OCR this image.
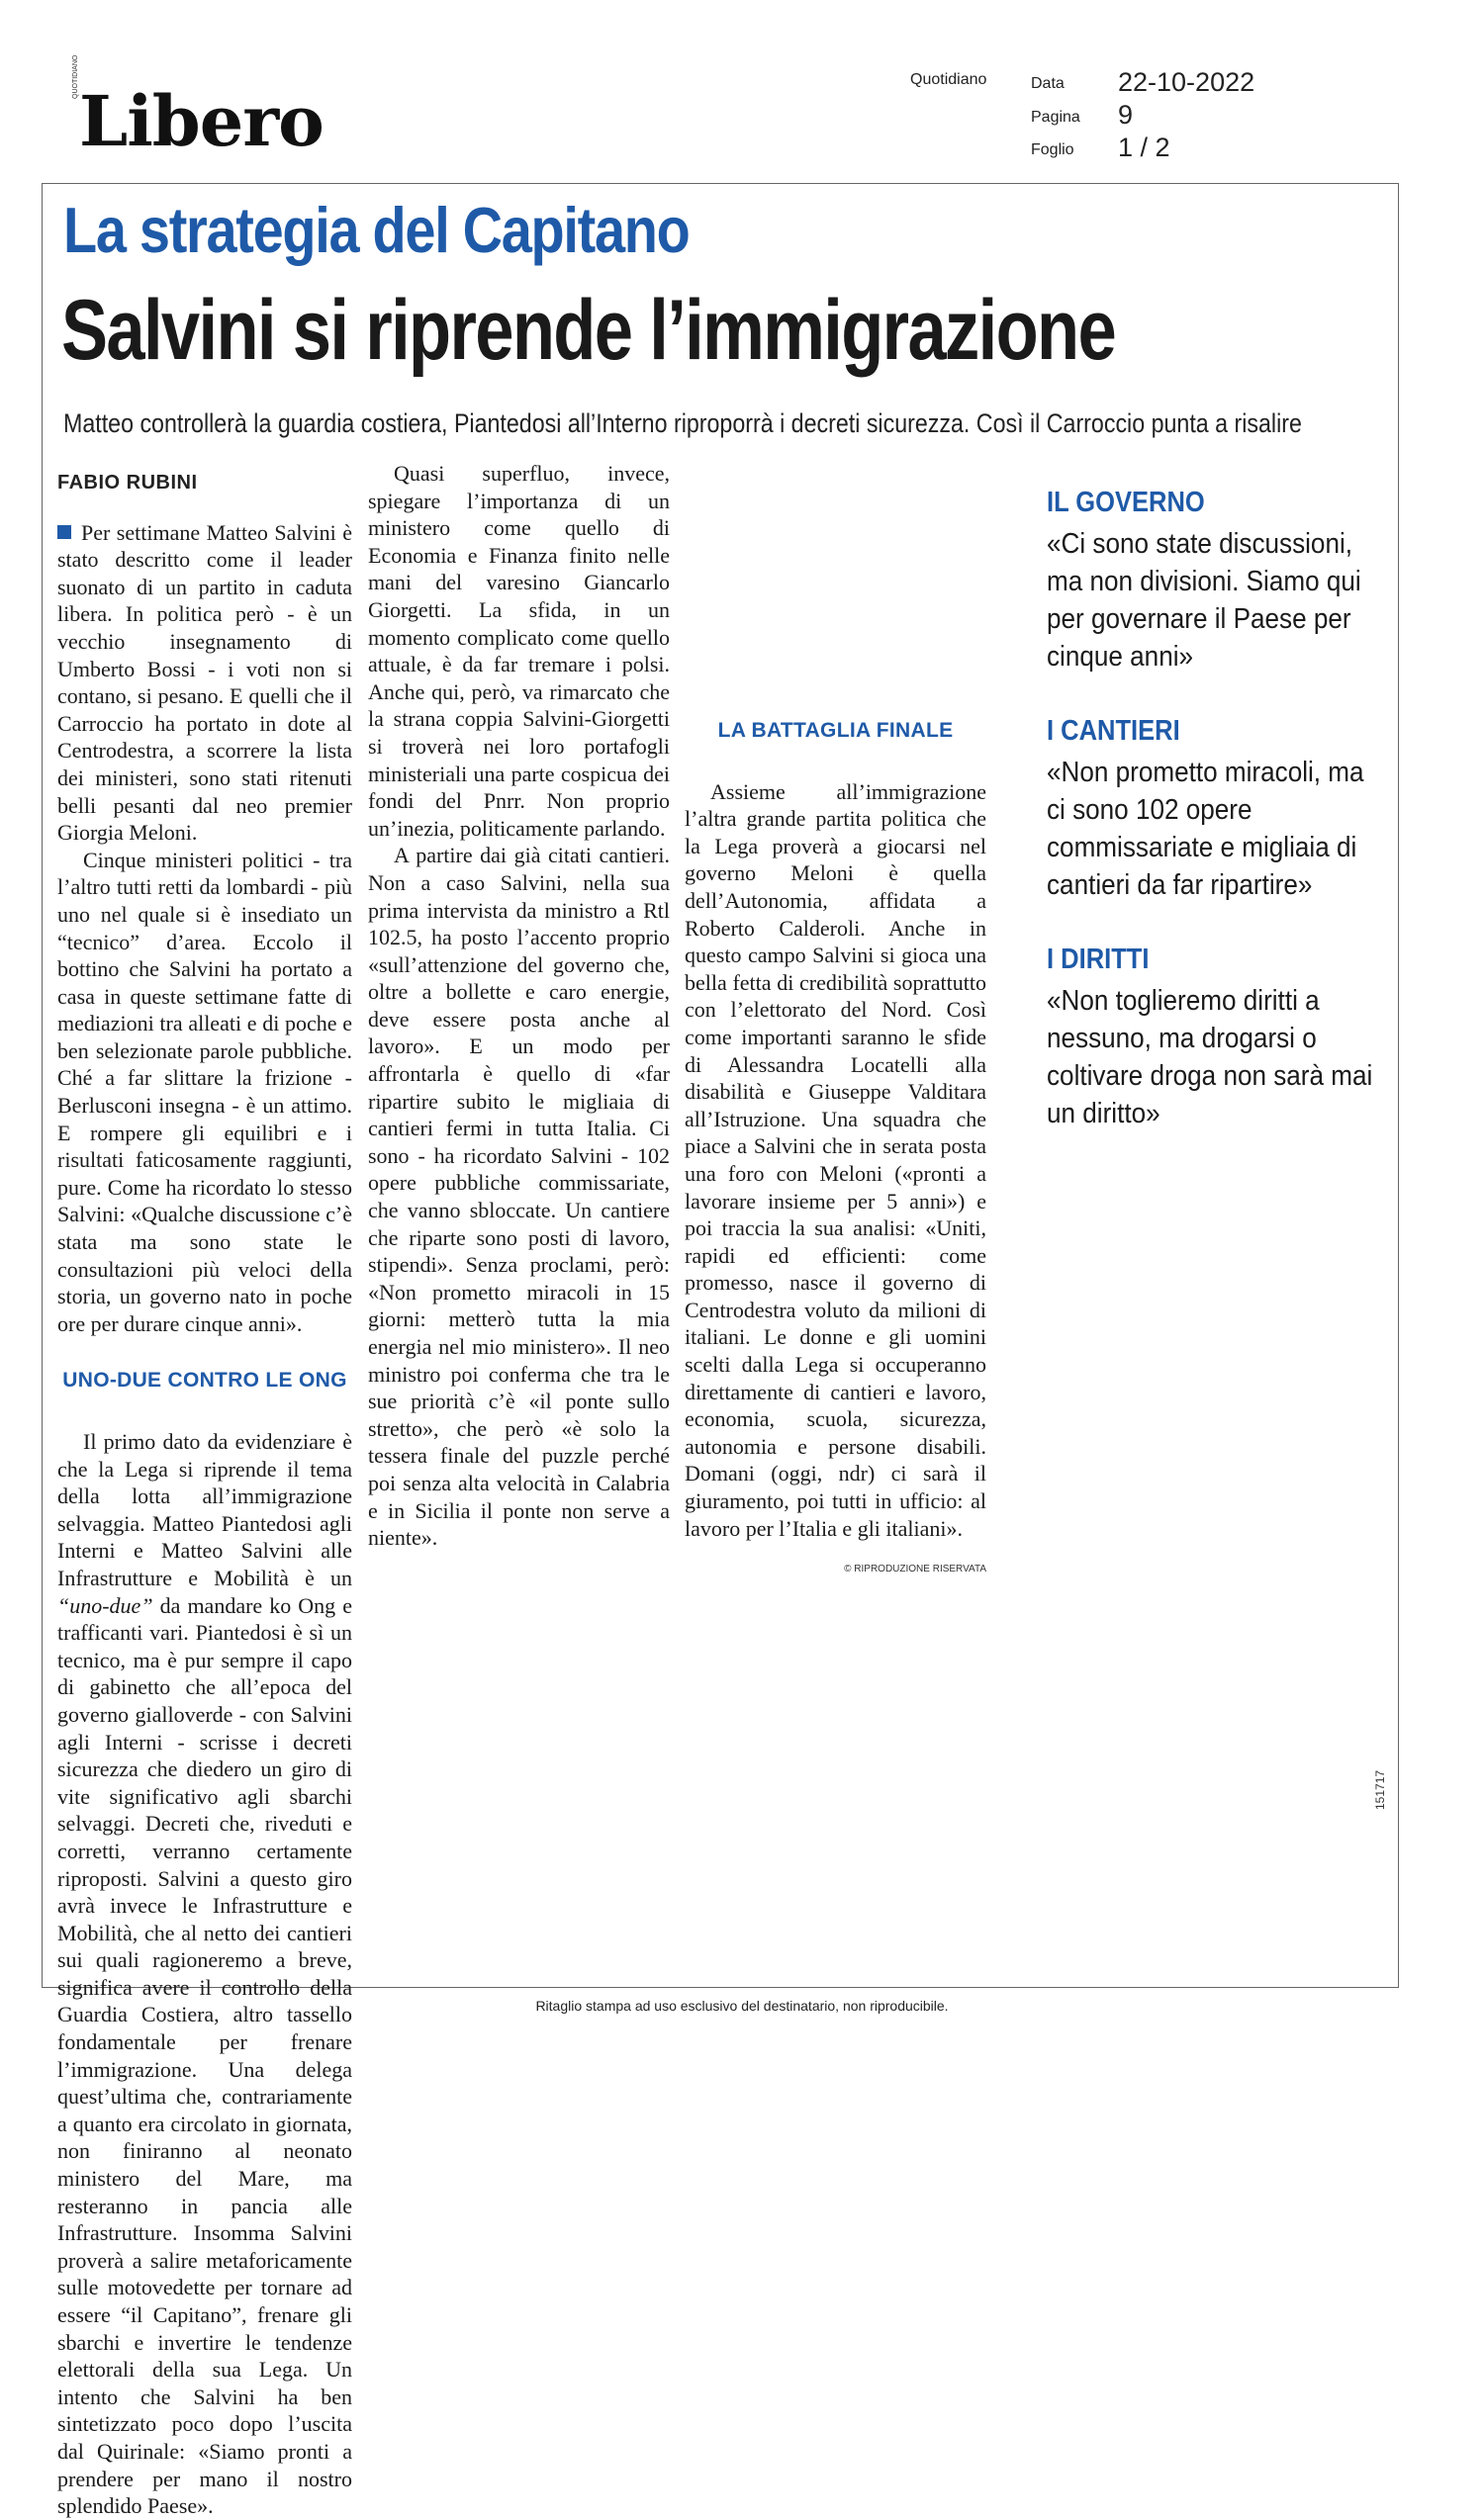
QUOTIDIANO
Libero
Quotidiano	Data 22-10-2022
Pagina 9
Foglio 1 / 2
La strategia del Capitano
Salvini si riprende l’immigrazione
Matteo controllerà la guardia costiera, Piantedosi all’Interno riproporrà i decreti sicurezza. Così il Carroccio punta a risalire
FABIO RUBINI

Per settimane Matteo Salvini è stato descritto come il leader suonato di un partito in caduta libera. In politica però - è un vecchio insegnamento di Umberto Bossi - i voti non si contano, si pesano. E quelli che il Carroccio ha portato in dote al Centrodestra, a scorrere la lista dei ministeri, sono stati ritenuti belli pesanti dal neo premier Giorgia Meloni.

Cinque ministeri politici - tra l’altro tutti retti da lombardi - più uno nel quale si è insediato un “tecnico” d’area. Eccolo il bottino che Salvini ha portato a casa in queste settimane fatte di mediazioni tra alleati e di poche e ben selezionate parole pubbliche. Ché a far slittare la frizione - Berlusconi insegna - è un attimo. E rompere gli equilibri e i risultati faticosamente raggiunti, pure. Come ha ricordato lo stesso Salvini: «Qualche discussione c’è stata ma sono state le consultazioni più veloci della storia, un governo nato in poche ore per durare cinque anni».

UNO-DUE CONTRO LE ONG

Il primo dato da evidenziare è che la Lega si riprende il tema della lotta all’immigrazione selvaggia. Matteo Piantedosi agli Interni e Matteo Salvini alle Infrastrutture e Mobilità è un “uno-due” da mandare ko Ong e trafficanti vari. Piantedosi è sì un tecnico, ma è pur sempre il capo di gabinetto che all’epoca del governo gialloverde - con Salvini agli Interni - scrisse i decreti sicurezza che diedero un giro di vite significativo agli sbarchi selvaggi. Decreti che, riveduti e corretti, verranno certamente riproposti. Salvini a questo giro avrà invece le Infrastrutture e Mobilità, che al netto dei cantieri sui quali ragioneremo a breve, significa avere il controllo della Guardia Costiera, altro tassello fondamentale per frenare l’immigrazione. Una delega quest’ultima che, contrariamente a quanto era circolato in giornata, non finiranno al neonato ministero del Mare, ma resteranno in pancia alle Infrastrutture. Insomma Salvini proverà a salire metaforicamente sulle motovedette per tornare ad essere “il Capitano”, frenare gli sbarchi e invertire le tendenze elettorali della sua Lega. Un intento che Salvini ha ben sintetizzato poco dopo l’uscita dal Quirinale: «Siamo pronti a prendere per mano il nostro splendido Paese».

Quasi superfluo, invece, spiegare l’importanza di un ministero come quello di Economia e Finanza finito nelle mani del varesino Giancarlo Giorgetti. La sfida, in un momento complicato come quello attuale, è da far tremare i polsi. Anche qui, però, va rimarcato che la strana coppia Salvini-Giorgetti si troverà nei loro portafogli ministeriali una parte cospicua dei fondi del Pnrr. Non proprio un’inezia, politicamente parlando.

A partire dai già citati cantieri. Non a caso Salvini, nella sua prima intervista da ministro a Rtl 102.5, ha posto l’accento proprio «sull’attenzione del governo che, oltre a bollette e caro energie, deve essere posta anche al lavoro». E un modo per affrontarla è quello di «far ripartire subito le migliaia di cantieri fermi in tutta Italia. Ci sono - ha ricordato Salvini - 102 opere pubbliche commissariate, che vanno sbloccate. Un cantiere che riparte sono posti di lavoro, stipendi». Senza proclami, però: «Non prometto miracoli in 15 giorni: metterò tutta la mia energia nel mio ministero». Il neo ministro poi conferma che tra le sue priorità c’è «il ponte sullo stretto», che però «è solo la tessera finale del puzzle perché poi senza alta velocità in Calabria e in Sicilia il ponte non serve a niente».

LA BATTAGLIA FINALE

Assieme all’immigrazione l’altra grande partita politica che la Lega proverà a giocarsi nel governo Meloni è quella dell’Autonomia, affidata a Roberto Calderoli. Anche in questo campo Salvini si gioca una bella fetta di credibilità soprattutto con l’elettorato del Nord. Così come importanti saranno le sfide di Alessandra Locatelli alla disabilità e Giuseppe Valditara all’Istruzione. Una squadra che piace a Salvini che in serata posta una foro con Meloni («pronti a lavorare insieme per 5 anni») e poi traccia la sua analisi: «Uniti, rapidi ed efficienti: come promesso, nasce il governo di Centrodestra voluto da milioni di italiani. Le donne e gli uomini scelti dalla Lega si occuperanno direttamente di cantieri e lavoro, economia, scuola, sicurezza, autonomia e persone disabili. Domani (oggi, ndr) ci sarà il giuramento, poi tutti in ufficio: al lavoro per l’Italia e gli italiani».

© RIPRODUZIONE RISERVATA
IL GOVERNO
«Ci sono state discussioni, ma non divisioni. Siamo qui per governare il Paese per cinque anni»
I CANTIERI
«Non prometto miracoli, ma ci sono 102 opere commissariate e migliaia di cantieri da far ripartire»
I DIRITTI
«Non toglieremo diritti a nessuno, ma drogarsi o coltivare droga non sarà mai un diritto»
151717
Ritaglio stampa ad uso esclusivo del destinatario, non riproducibile.
